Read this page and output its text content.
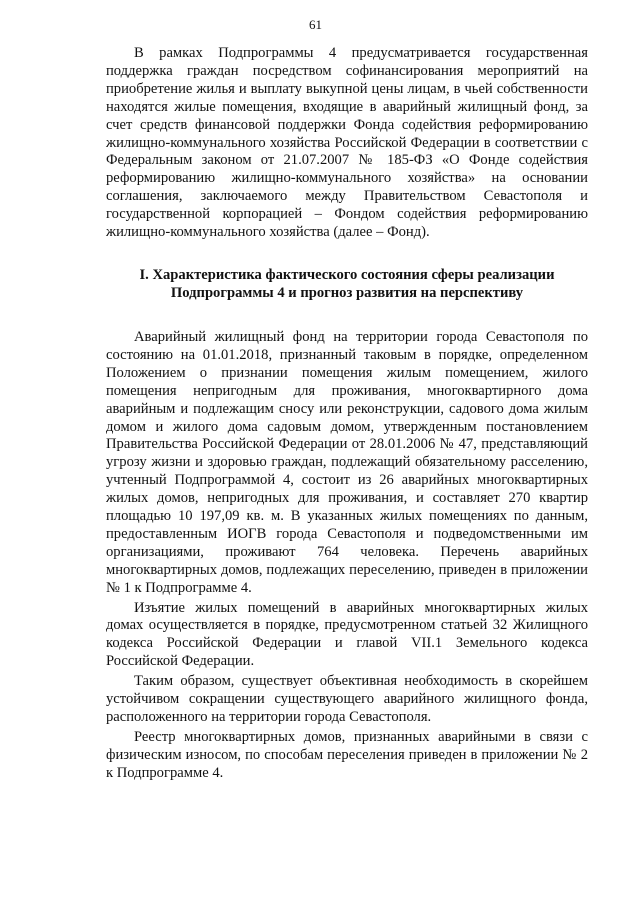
61

В рамках Подпрограммы 4 предусматривается государственная поддержка граждан посредством софинансирования мероприятий на приобретение жилья и выплату выкупной цены лицам, в чьей собственности находятся жилые помещения, входящие в аварийный жилищный фонд, за счет средств финансовой поддержки Фонда содействия реформированию жилищно-коммунального хозяйства Российской Федерации в соответствии с Федеральным законом от 21.07.2007 № 185-ФЗ «О Фонде содействия реформированию жилищно-коммунального хозяйства» на основании соглашения, заключаемого между Правительством Севастополя и государственной корпорацией – Фондом содействия реформированию жилищно-коммунального хозяйства (далее – Фонд).

I. Характеристика фактического состояния сферы реализации
Подпрограммы 4 и прогноз развития на перспективу

Аварийный жилищный фонд на территории города Севастополя по состоянию на 01.01.2018, признанный таковым в порядке, определенном Положением о признании помещения жилым помещением, жилого помещения непригодным для проживания, многоквартирного дома аварийным и подлежащим сносу или реконструкции, садового дома жилым домом и жилого дома садовым домом, утвержденным постановлением Правительства Российской Федерации от 28.01.2006 № 47, представляющий угрозу жизни и здоровью граждан, подлежащий обязательному расселению, учтенный Подпрограммой 4, состоит из 26 аварийных многоквартирных жилых домов, непригодных для проживания, и составляет 270 квартир площадью 10 197,09 кв. м. В указанных жилых помещениях по данным, предоставленным ИОГВ города Севастополя и подведомственными им организациями, проживают 764 человека. Перечень аварийных многоквартирных домов, подлежащих переселению, приведен в приложении № 1 к Подпрограмме 4.

Изъятие жилых помещений в аварийных многоквартирных жилых домах осуществляется в порядке, предусмотренном статьей 32 Жилищного кодекса Российской Федерации и главой VII.1 Земельного кодекса Российской Федерации.

Таким образом, существует объективная необходимость в скорейшем устойчивом сокращении существующего аварийного жилищного фонда, расположенного на территории города Севастополя.

Реестр многоквартирных домов, признанных аварийными в связи с физическим износом, по способам переселения приведен в приложении № 2 к Подпрограмме 4.
